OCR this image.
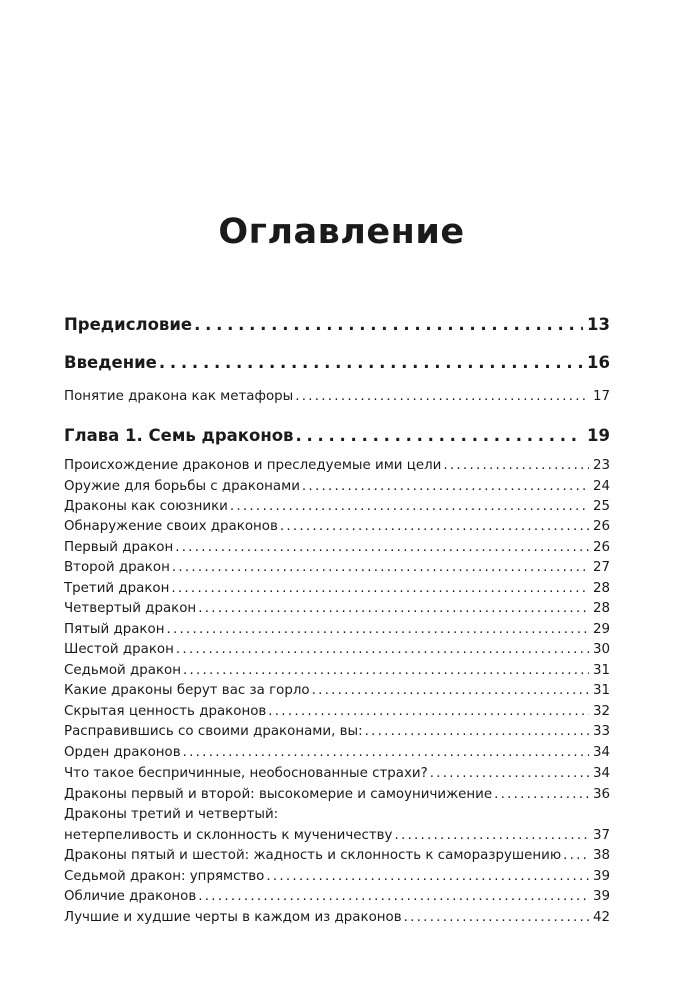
Оглавление
Предисловие . . .	13
Введение . . .	16
Понятие дракона как метафоры . . .	17
Глава 1. Семь драконов . . .	19
Происхождение драконов и преследуемые ими цели . . .	23
Оружие для борьбы с драконами . . .	24
Драконы как союзники . . .	25
Обнаружение своих драконов . . .	26
Первый дракон . . .	26
Второй дракон . . .	27
Третий дракон . . .	28
Четвертый дракон . . .	28
Пятый дракон . . .	29
Шестой дракон . . .	30
Седьмой дракон . . .	31
Какие драконы берут вас за горло . . .	31
Скрытая ценность драконов . . .	32
Расправившись со своими драконами, вы: . . .	33
Орден драконов . . .	34
Что такое беспричинные, необоснованные страхи? . . .	34
Драконы первый и второй: высокомерие и самоуничижение . . .	36
Драконы третий и четвертый:
нетерпеливость и склонность к мученичеству . . .	37
Драконы пятый и шестой: жадность и склонность к саморазрушению . . . 38
Седьмой дракон: упрямство . . .	39
Обличие драконов . . .	39
Лучшие и худшие черты в каждом из драконов . . .	42
